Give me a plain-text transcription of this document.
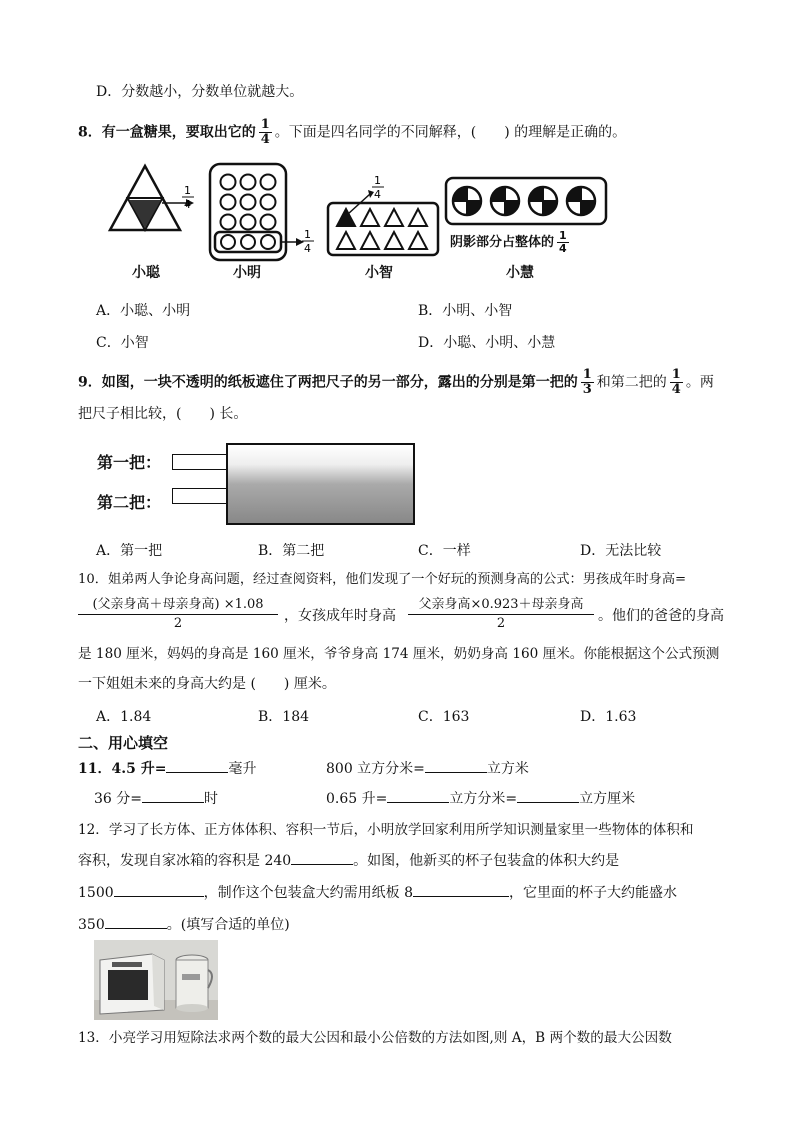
D．分数越小，分数单位就越大。
8．有一盒糖果，要取出它的 $\frac{1}{4}$ 。下面是四名同学的不同解释，(　　) 的理解是正确的。
1
4
1
4
1
4
阴影部分占整体的 $\frac{1}{4}$
小聪	小明	小智	小慧
A．小聪、小明	B．小明、小智
C．小智	D．小聪、小明、小慧
9．如图，一块不透明的纸板遮住了两把尺子的另一部分，露出的分别是第一把的 $\frac{1}{3}$ 和第二把的 $\frac{1}{4}$ 。两
把尺子相比较，(　　) 长。
第一把：
第二把：
A．第一把	B．第二把	C．一样	D．无法比较
10．姐弟两人争论身高问题，经过查阅资料，他们发现了一个好玩的预测身高的公式：男孩成年时身高=
(父亲身高＋母亲身高) ×1.08
2	，女孩成年时身高
父亲身高×0.923＋母亲身高
2	。他们的爸爸的身高
是 180 厘米，妈妈的身高是 160 厘米，爷爷身高 174 厘米，奶奶身高 160 厘米。你能根据这个公式预测
一下姐姐未来的身高大约是 (　　) 厘米。
A．1.84	B．184	C．163	D．1.63
二、用心填空
11．4.5 升=	毫升	800 立方分米=	立方米
36 分=	时	0.65 升=	立方分米=	立方厘米
12．学习了长方体、正方体体积、容积一节后，小明放学回家利用所学知识测量家里一些物体的体积和
容积，发现自家冰箱的容积是 240	。如图，他新买的杯子包装盒的体积大约是
1500	，制作这个包装盒大约需用纸板 8	，它里面的杯子大约能盛水
350	。(填写合适的单位)
13．小亮学习用短除法求两个数的最大公因和最小公倍数的方法如图,则 A，B 两个数的最大公因数
